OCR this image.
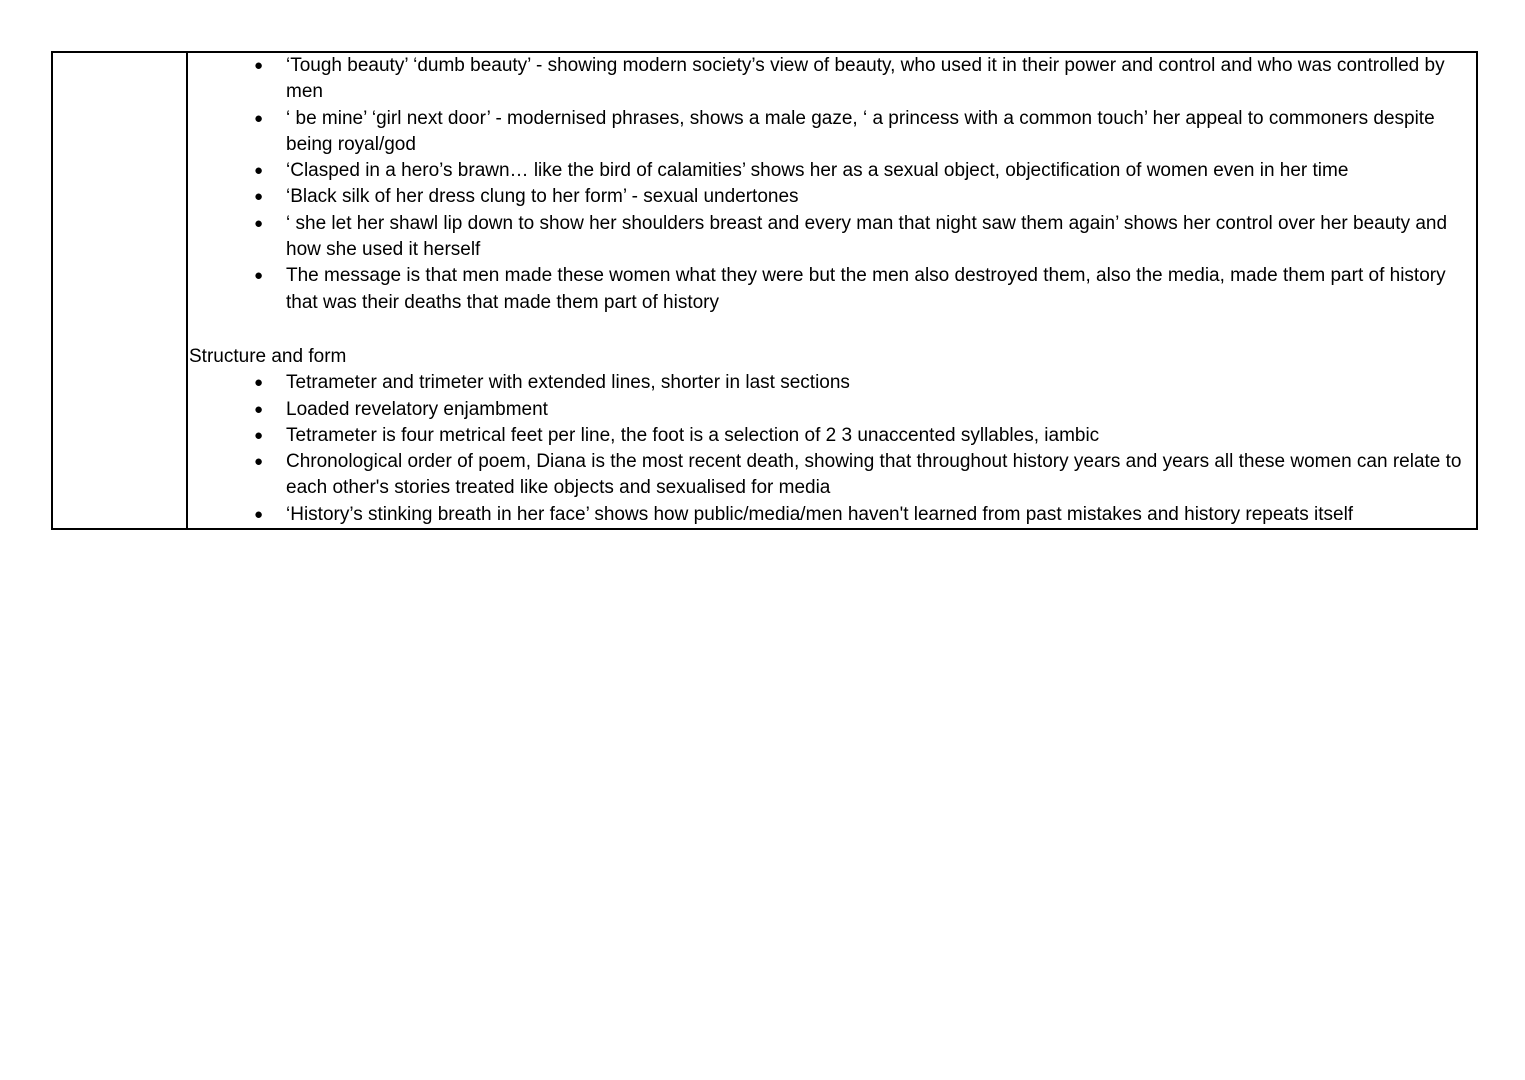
● ‘Tough beauty’ ‘dumb beauty’ - showing modern society’s view of beauty, who used it in their power and control and who was controlled by men
● ‘ be mine’ ‘girl next door’ - modernised phrases, shows a male gaze, ‘ a princess with a common touch’ her appeal to commoners despite being royal/god
● ‘Clasped in a hero’s brawn… like the bird of calamities’ shows her as a sexual object, objectification of women even in her time
● ‘Black silk of her dress clung to her form’ - sexual undertones
● ‘ she let her shawl lip down to show her shoulders breast and every man that night saw them again’ shows her control over her beauty and how she used it herself
● The message is that men made these women what they were but the men also destroyed them, also the media, made them part of history that was their deaths that made them part of history
Structure and form
● Tetrameter and trimeter with extended lines, shorter in last sections
● Loaded revelatory enjambment
● Tetrameter is four metrical feet per line, the foot is a selection of 2 3 unaccented syllables, iambic
● Chronological order of poem, Diana is the most recent death, showing that throughout history years and years all these women can relate to each other's stories treated like objects and sexualised for media
● ‘History’s stinking breath in her face’ shows how public/media/men haven't learned from past mistakes and history repeats itself
